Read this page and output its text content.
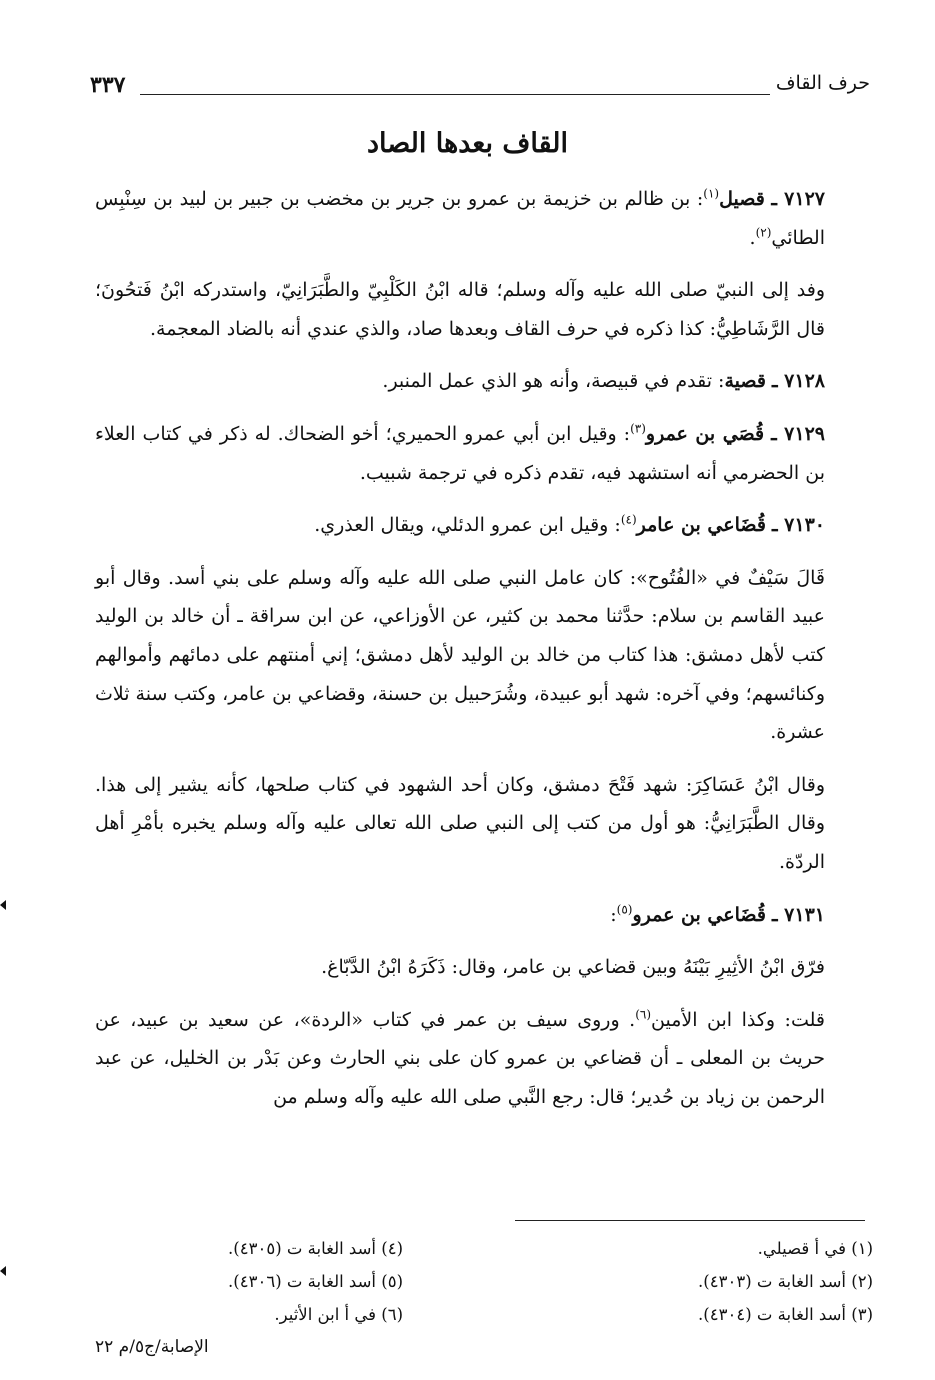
حرف القاف
٣٣٧
القاف بعدها الصاد

٧١٢٧ ـ قصيل$^{(١)}$: بن ظالم بن خزيمة بن عمرو بن جرير بن مخضب بن جبير بن لبيد بن سِنْبِس الطائي$^{(٢)}$.

وفد إلى النبيّ صلى الله عليه وآله وسلم؛ قاله ابْنُ الكَلْبِيّ والطَّبَرَانِيّ، واستدركه ابْنُ فَتحُونَ؛ قال الرَّشَاطِيُّ: كذا ذكره في حرف القاف وبعدها صاد، والذي عندي أنه بالضاد المعجمة.

٧١٢٨ ـ قصية: تقدم في قبيصة، وأنه هو الذي عمل المنبر.

٧١٢٩ ـ قُصَي بن عمرو$^{(٣)}$: وقيل ابن أبي عمرو الحميري؛ أخو الضحاك. له ذكر في كتاب العلاء بن الحضرمي أنه استشهد فيه، تقدم ذكره في ترجمة شبيب.

٧١٣٠ ـ قُضَاعي بن عامر$^{(٤)}$: وقيل ابن عمرو الدئلي، ويقال العذري.

قَالَ سَيْفٌ في «الفُتُوح»: كان عامل النبي صلى الله عليه وآله وسلم على بني أسد. وقال أبو عبيد القاسم بن سلام: حدَّثنا محمد بن كثير، عن الأوزاعي، عن ابن سراقة ـ أن خالد بن الوليد كتب لأهل دمشق: هذا كتاب من خالد بن الوليد لأهل دمشق؛ إني أمنتهم على دمائهم وأموالهم وكنائسهم؛ وفي آخره: شهد أبو عبيدة، وشُرَحبيل بن حسنة، وقضاعي بن عامر، وكتب سنة ثلاث عشرة.

وقال ابْنُ عَسَاكِرَ: شهد فَتْحَ دمشق، وكان أحد الشهود في كتاب صلحها، كأنه يشير إلى هذا. وقال الطَّبَرَانِيُّ: هو أول من كتب إلى النبي صلى الله تعالى عليه وآله وسلم يخبره بأمْرِ أهل الردّة.

٧١٣١ ـ قُضَاعي بن عمرو$^{(٥)}$:

فرّق ابْنُ الأثِيرِ بَيْنَهُ وبين قضاعي بن عامر، وقال: ذَكَرَهُ ابْنُ الدَّبّاغ.

قلت: وكذا ابن الأمين$^{(٦)}$. وروى سيف بن عمر في كتاب «الردة»، عن سعيد بن عبيد، عن حريث بن المعلى ـ أن قضاعي بن عمرو كان على بني الحارث وعن بَدْر بن الخليل، عن عبد الرحمن بن زياد بن حُدير؛ قال: رجع النَّبي صلى الله عليه وآله وسلم من

(١) في أ قصيلي.
(٢) أسد الغابة ت (٤٣٠٣).
(٣) أسد الغابة ت (٤٣٠٤).
(٤) أسد الغابة ت (٤٣٠٥).
(٥) أسد الغابة ت (٤٣٠٦).
(٦) في أ ابن الأثير.
الإصابة/ج٥/م ٢٢
